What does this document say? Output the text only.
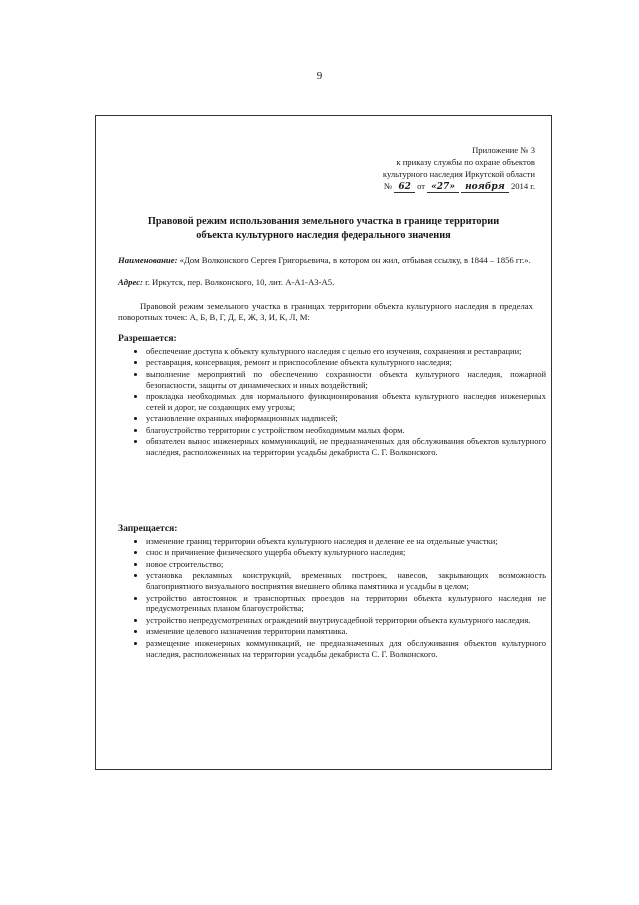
9
Приложение № 3
к приказу службы по охране объектов
культурного наследия Иркутской области
№ 62 от «27» ноября 2014 г.
Правовой режим использования земельного участка в границе территории
объекта культурного наследия федерального значения
Наименование: «Дом Волконского Сергея Григорьевича, в котором он жил, отбывая ссылку, в 1844 – 1856 гг.».
Адрес: г. Иркутск, пер. Волконского, 10, лит. А-А1-А3-А5.
Правовой режим земельного участка в границах территории объекта культурного наследия в пределах поворотных точек: А, Б, В, Г, Д, Е, Ж, З, И, К, Л, М:
Разрешается:
• обеспечение доступа к объекту культурного наследия с целью его изучения, сохранения и реставрации;
• реставрация, консервация, ремонт и приспособление объекта культурного наследия;
• выполнение мероприятий по обеспечению сохранности объекта культурного наследия, пожарной безопасности, защиты от динамических и иных воздействий;
• прокладка необходимых для нормального функционирования объекта культурного наследия инженерных сетей и дорог, не создающих ему угрозы;
• установление охранных информационных надписей;
• благоустройство территории с устройством необходимым малых форм.
• обязателен вынос инженерных коммуникаций, не предназначенных для обслуживания объектов культурного наследия, расположенных на территории усадьбы декабриста С. Г. Волконского.
Запрещается:
• изменение границ территории объекта культурного наследия и деление ее на отдельные участки;
• снос и причинение физического ущерба объекту культурного наследия;
• новое строительство;
• установка рекламных конструкций, временных построек, навесов, закрывающих возможность благоприятного визуального восприятия внешнего облика памятника и усадьбы в целом;
• устройство автостоянок и транспортных проездов на территории объекта культурного наследия не предусмотренных планом благоустройства;
• устройство непредусмотренных ограждений внутриусадебной территории объекта культурного наследия.
• изменение целевого назначения территории памятника.
• размещение инженерных коммуникаций, не предназначенных для обслуживания объектов культурного наследия, расположенных на территории усадьбы декабриста С. Г. Волконского.
